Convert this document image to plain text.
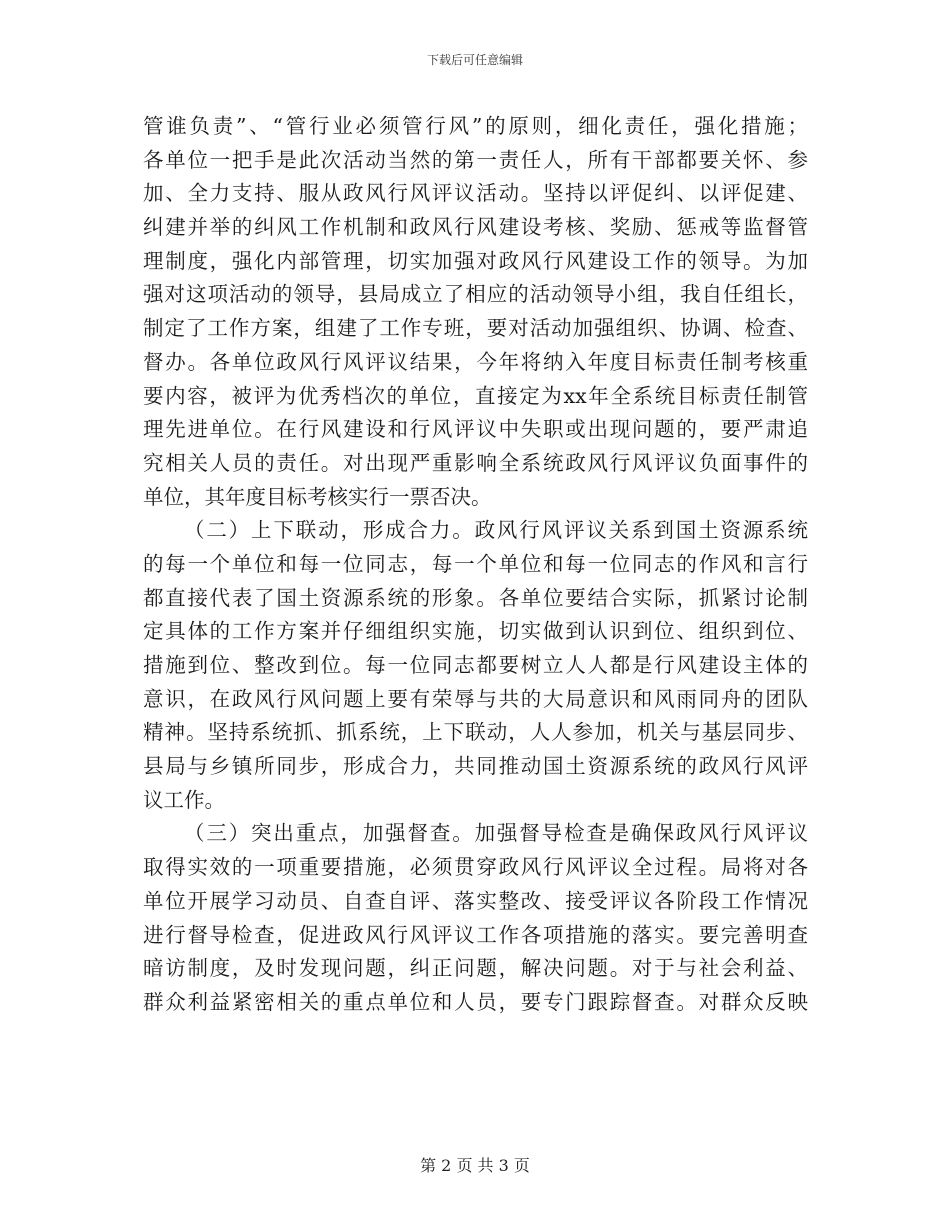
下载后可任意编辑
管谁负责”、“管行业必须管行风”的原则，细化责任，强化措施；
各单位一把手是此次活动当然的第一责任人，所有干部都要关怀、参
加、全力支持、服从政风行风评议活动。坚持以评促纠、以评促建、
纠建并举的纠风工作机制和政风行风建设考核、奖励、惩戒等监督管
理制度，强化内部管理，切实加强对政风行风建设工作的领导。为加
强对这项活动的领导，县局成立了相应的活动领导小组，我自任组长，
制定了工作方案，组建了工作专班，要对活动加强组织、协调、检查、
督办。各单位政风行风评议结果，今年将纳入年度目标责任制考核重
要内容，被评为优秀档次的单位，直接定为xx年全系统目标责任制管
理先进单位。在行风建设和行风评议中失职或出现问题的，要严肃追
究相关人员的责任。对出现严重影响全系统政风行风评议负面事件的
单位，其年度目标考核实行一票否决。
（二）上下联动，形成合力。政风行风评议关系到国土资源系统
的每一个单位和每一位同志，每一个单位和每一位同志的作风和言行
都直接代表了国土资源系统的形象。各单位要结合实际，抓紧讨论制
定具体的工作方案并仔细组织实施，切实做到认识到位、组织到位、
措施到位、整改到位。每一位同志都要树立人人都是行风建设主体的
意识，在政风行风问题上要有荣辱与共的大局意识和风雨同舟的团队
精神。坚持系统抓、抓系统，上下联动，人人参加，机关与基层同步、
县局与乡镇所同步，形成合力，共同推动国土资源系统的政风行风评
议工作。
（三）突出重点，加强督查。加强督导检查是确保政风行风评议
取得实效的一项重要措施，必须贯穿政风行风评议全过程。局将对各
单位开展学习动员、自查自评、落实整改、接受评议各阶段工作情况
进行督导检查，促进政风行风评议工作各项措施的落实。要完善明查
暗访制度，及时发现问题，纠正问题，解决问题。对于与社会利益、
群众利益紧密相关的重点单位和人员，要专门跟踪督查。对群众反映
第 2 页 共 3 页
